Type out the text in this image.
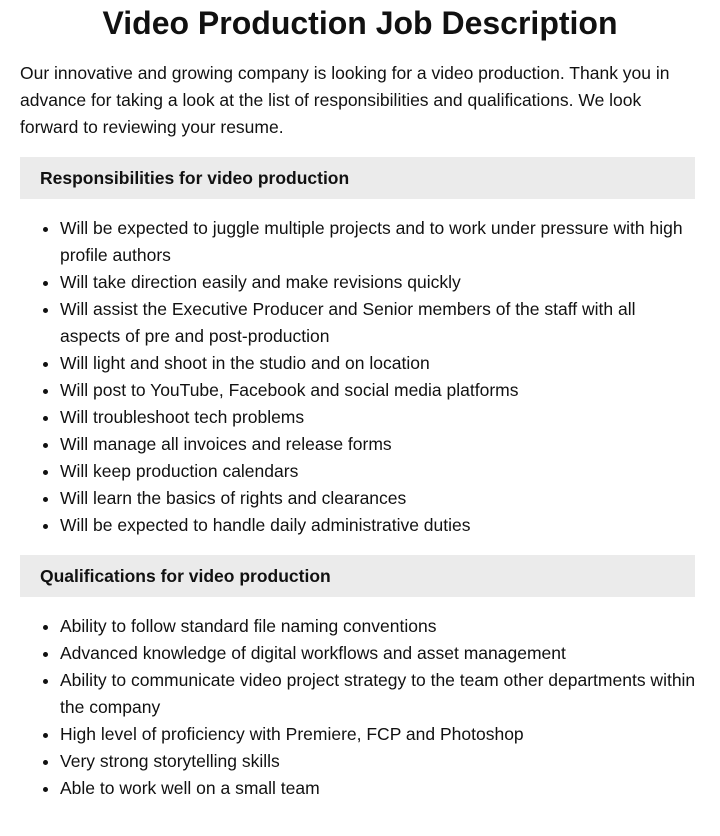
Video Production Job Description

Our innovative and growing company is looking for a video production. Thank you in advance for taking a look at the list of responsibilities and qualifications. We look forward to reviewing your resume.

Responsibilities for video production
• Will be expected to juggle multiple projects and to work under pressure with high profile authors
• Will take direction easily and make revisions quickly
• Will assist the Executive Producer and Senior members of the staff with all aspects of pre and post-production
• Will light and shoot in the studio and on location
• Will post to YouTube, Facebook and social media platforms
• Will troubleshoot tech problems
• Will manage all invoices and release forms
• Will keep production calendars
• Will learn the basics of rights and clearances
• Will be expected to handle daily administrative duties
Qualifications for video production
• Ability to follow standard file naming conventions
• Advanced knowledge of digital workflows and asset management
• Ability to communicate video project strategy to the team other departments within the company
• High level of proficiency with Premiere, FCP and Photoshop
• Very strong storytelling skills
• Able to work well on a small team
